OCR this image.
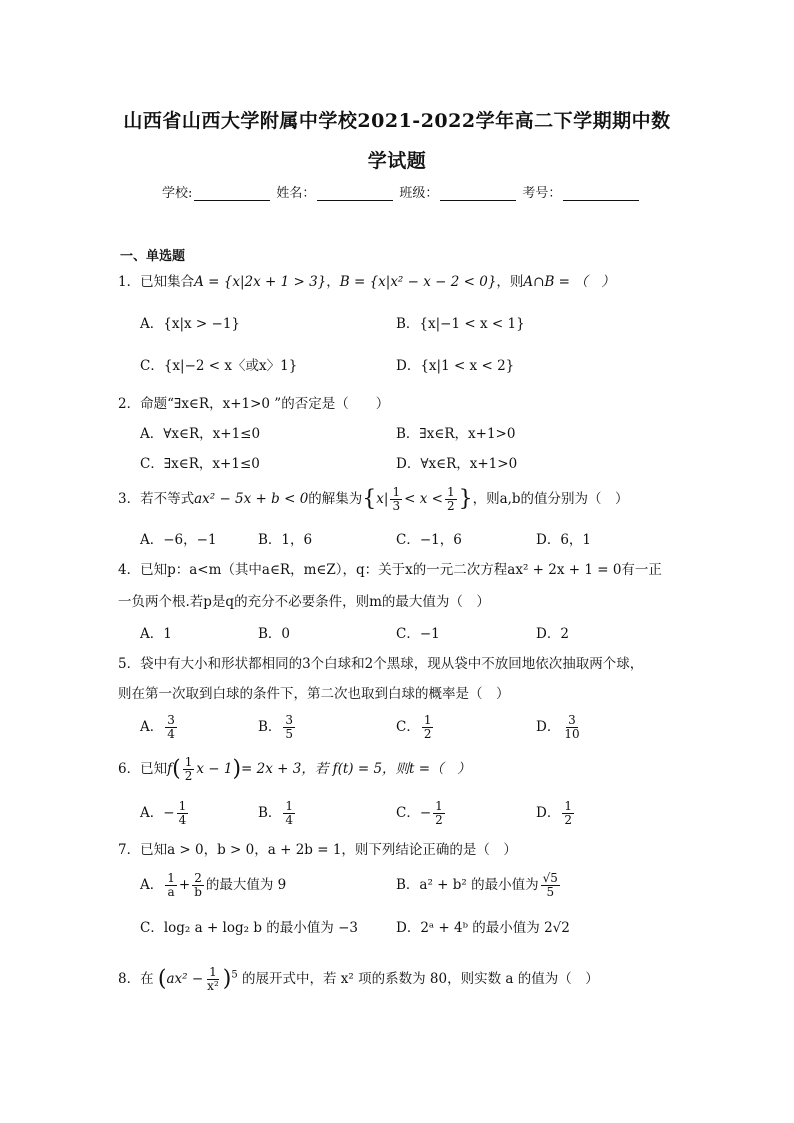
山西省山西大学附属中学校2021-2022学年高二下学期期中数
学试题
学校:	姓名：	班级：	考号：
一、单选题
1．已知集合A = {x|2x + 1 > 3}，B = {x|x² − x − 2 < 0}，则A∩B = （　）
A．{x|x > −1}	B．{x|−1 < x < 1}
C．{x|−2 < x〈或x〉1}	D．{x|1 < x < 2}
2．命题“∃x∈R，x+1>0 ”的否定是（　　）
A．∀x∈R，x+1≤0	B．∃x∈R，x+1>0
C．∃x∈R，x+1≤0	D．∀x∈R，x+1>0
3．若不等式ax² − 5x + b < 0的解集为{$x| \frac{1}{3} < x < \frac{1}{2}$ }，则a,b的值分别为（　）
A．−6，−1	B．1，6	C．−1，6	D．6，1
4．已知p：a<m（其中a∈R，m∈Z），q：关于x的一元二次方程ax² + 2x + 1 = 0有一正
一负两个根.若p是q的充分不必要条件，则m的最大值为（　）
A．1	B．0	C．−1	D．2
5．袋中有大小和形状都相同的3个白球和2个黑球，现从袋中不放回地依次抽取两个球，
则在第一次取到白球的条件下，第二次也取到白球的概率是（　）
A． $\frac{3}{4}$	B． $\frac{3}{5}$	C． $\frac{1}{2}$	D． $\frac{3}{10}$
6．已知$f( \frac{1}{2}$ x − 1)= 2x + 3，若 f(t) = 5，则t =（　）
A．− $\frac{1}{4}$	B． $\frac{1}{4}$	C．− $\frac{1}{2}$	D． $\frac{1}{2}$
7．已知a > 0，b > 0，a + 2b = 1，则下列结论正确的是（　）
A． $\frac{1}{a} + \frac{2}{b}$ 的最大值为 9	B．a² + b² 的最小值为 $\frac{√5}{5}$
C．log₂ a + log₂ b 的最小值为 −3	D．2ᵃ + 4ᵇ 的最小值为 2√2
8．在 $(ax^2 - \frac{1}{\text{x²}} )^5$ 的展开式中，若 x² 项的系数为 80，则实数 a 的值为（　）
